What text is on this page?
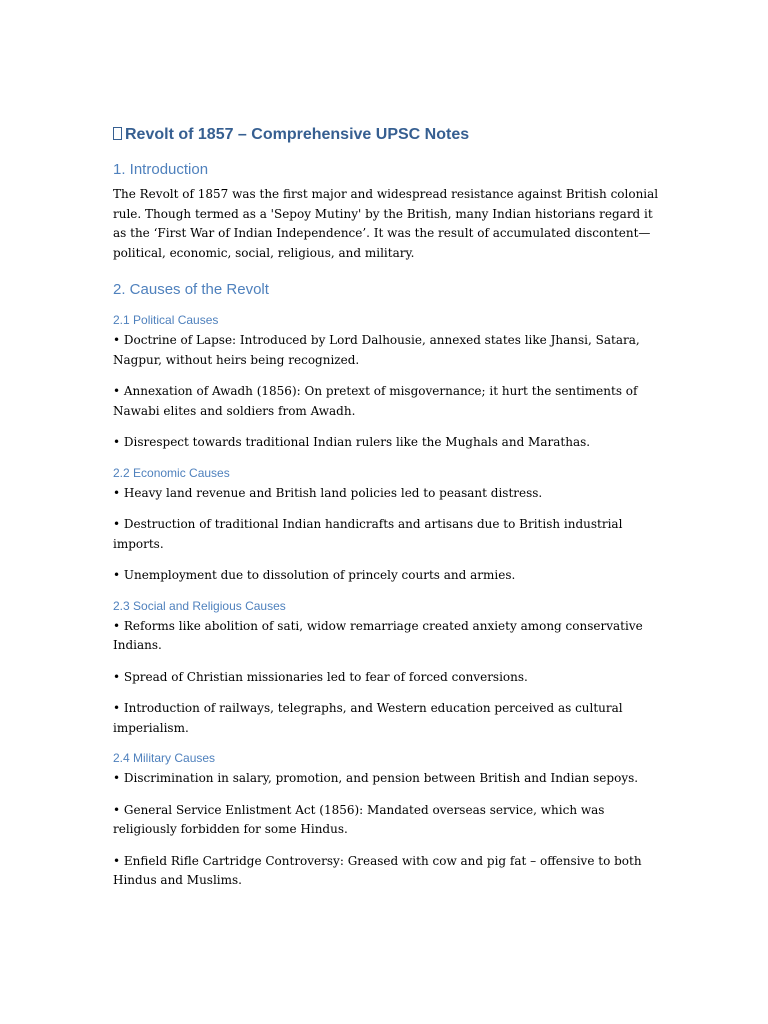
Revolt of 1857 – Comprehensive UPSC Notes
1. Introduction
The Revolt of 1857 was the first major and widespread resistance against British colonial rule. Though termed as a 'Sepoy Mutiny' by the British, many Indian historians regard it as the ‘First War of Indian Independence’. It was the result of accumulated discontent—political, economic, social, religious, and military.
2. Causes of the Revolt
2.1 Political Causes
• Doctrine of Lapse: Introduced by Lord Dalhousie, annexed states like Jhansi, Satara, Nagpur, without heirs being recognized.
• Annexation of Awadh (1856): On pretext of misgovernance; it hurt the sentiments of Nawabi elites and soldiers from Awadh.
• Disrespect towards traditional Indian rulers like the Mughals and Marathas.
2.2 Economic Causes
• Heavy land revenue and British land policies led to peasant distress.
• Destruction of traditional Indian handicrafts and artisans due to British industrial imports.
• Unemployment due to dissolution of princely courts and armies.
2.3 Social and Religious Causes
• Reforms like abolition of sati, widow remarriage created anxiety among conservative Indians.
• Spread of Christian missionaries led to fear of forced conversions.
• Introduction of railways, telegraphs, and Western education perceived as cultural imperialism.
2.4 Military Causes
• Discrimination in salary, promotion, and pension between British and Indian sepoys.
• General Service Enlistment Act (1856): Mandated overseas service, which was religiously forbidden for some Hindus.
• Enfield Rifle Cartridge Controversy: Greased with cow and pig fat – offensive to both Hindus and Muslims.
